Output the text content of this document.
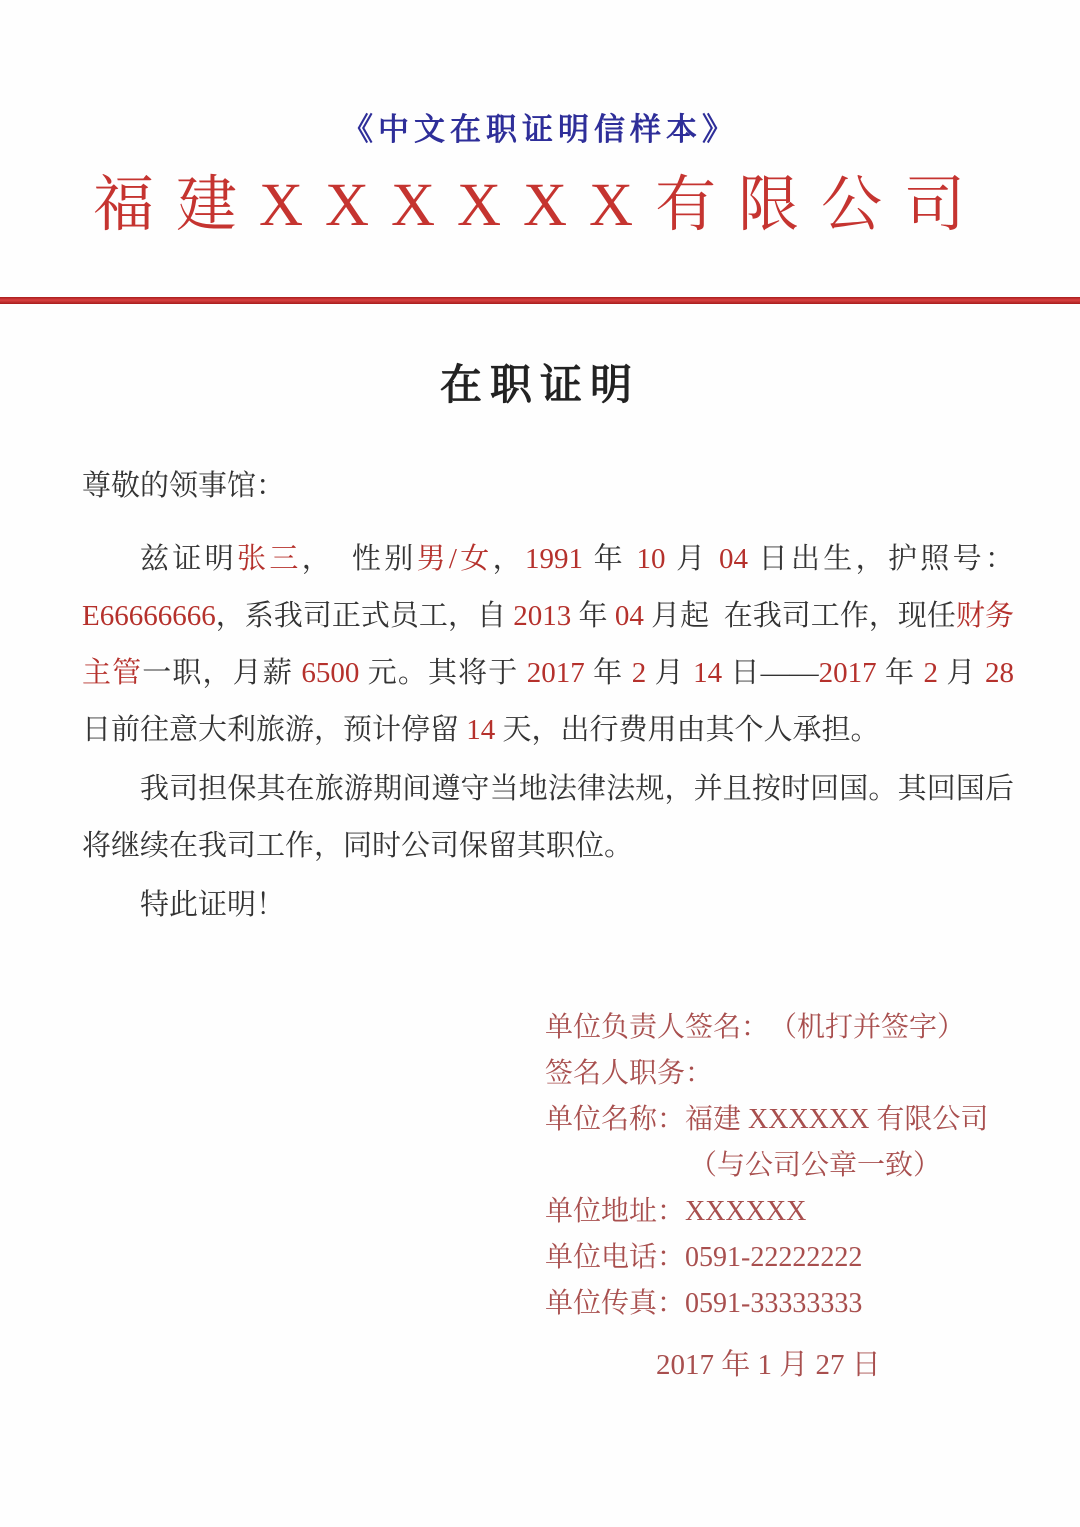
《中文在职证明信样本》
福建XXXXXX有限公司
在职证明
尊敬的领事馆：
兹证明张三，　性别男/女，1991 年 10 月 04 日出生，护照号：E66666666，系我司正式员工，自 2013 年 04 月起 在我司工作，现任财务主管一职，月薪 6500 元。其将于 2017 年 2 月 14 日——2017 年 2 月 28 日前往意大利旅游，预计停留 14 天，出行费用由其个人承担。
我司担保其在旅游期间遵守当地法律法规，并且按时回国。其回国后将继续在我司工作，同时公司保留其职位。
特此证明！
单位负责人签名：　（机打并签字）
签名人职务：
单位名称：福建 XXXXXX 有限公司
（与公司公章一致）
单位地址：XXXXXX
单位电话：0591-22222222
单位传真：0591-33333333
2017 年 1 月 27 日
